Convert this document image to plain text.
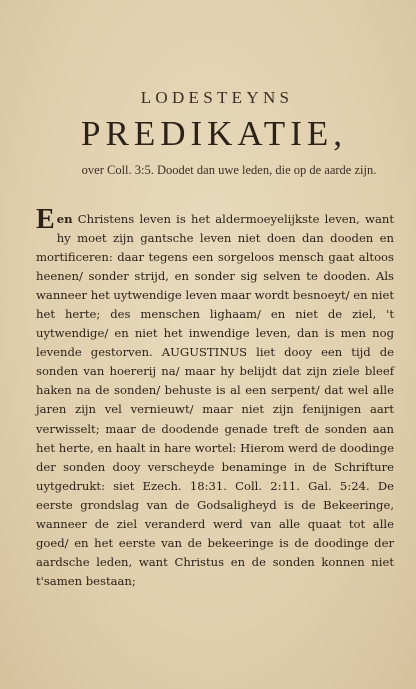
LODESTEYNS
PREDIKATIE,
over Coll. 3:5. Doodet dan uwe leden, die op de aarde zijn.
Een Christens leven is het aldermoeyelijkste leven, want hy moet zijn gantsche leven niet doen dan dooden en mortificeren: daar tegens een sorgeloos mensch gaat altoos heenen/ sonder strijd, en sonder sig selven te dooden. Als wanneer het uytwendige leven maar wordt besnoeyt/ en niet het herte; des menschen lighaam/ en niet de ziel, 't uytwendige/ en niet het inwendige leven, dan is men nog levende gestorven. AUGUSTINUS liet dooy een tijd de sonden van hoererij na/ maar hy belijdt dat zijn ziele bleef haken na de sonden/ behuste is al een serpent/ dat wel alle jaren zijn vel vernieuwt/ maar niet zijn fenijnigen aart verwisselt; maar de doodende genade treft de sonden aan het herte, en haalt in hare wortel: Hierom werd de doodinge der sonden dooy verscheyde benaminge in de Schrifture uytgedrukt: siet Ezech. 18:31. Coll. 2:11. Gal. 5:24. De eerste grondslag van de Godsaligheyd is de Bekeeringe, wanneer de ziel veranderd werd van alle quaat tot alle goed/ en het eerste van de bekeeringe is de doodinge der aardsche leden, want Christus en de sonden konnen niet t'samen bestaan;
